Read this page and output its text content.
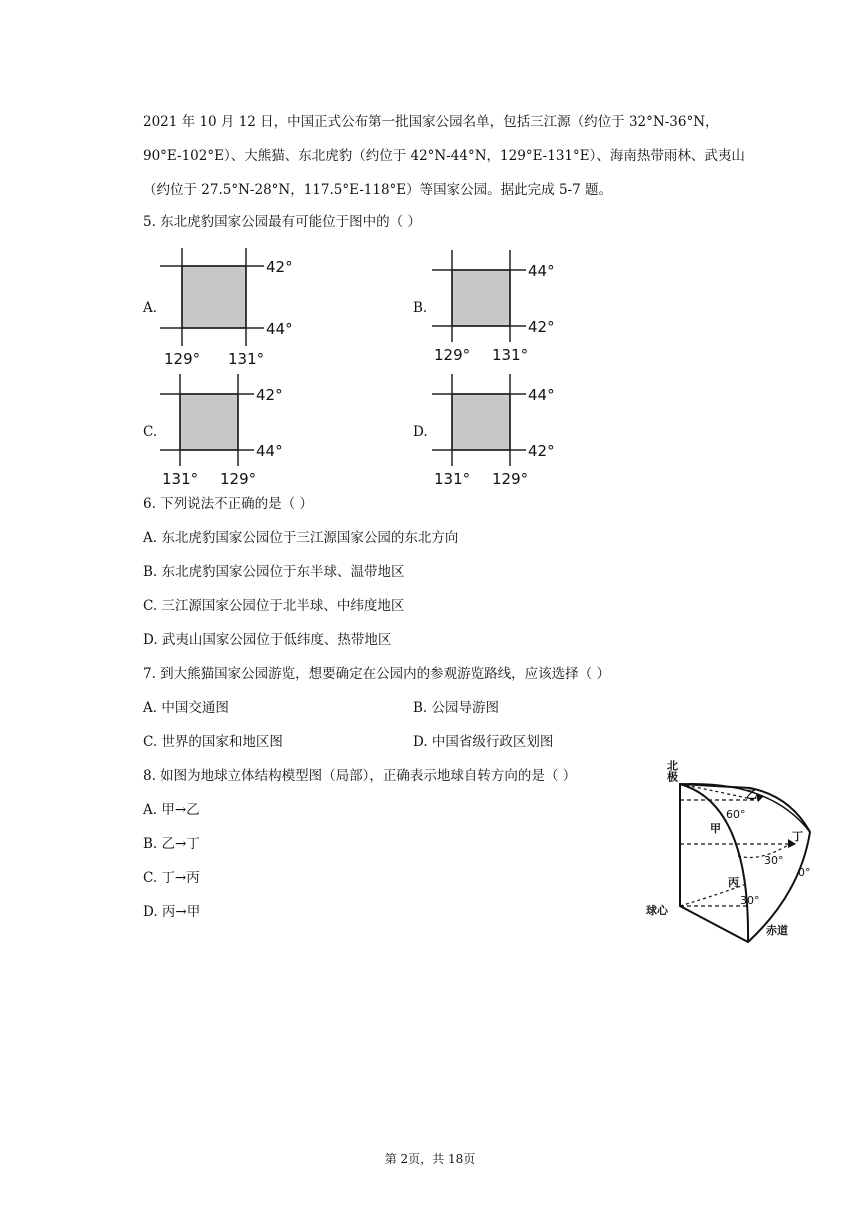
2021 年 10 月 12 日，中国正式公布第一批国家公园名单，包括三江源（约位于 32°N-36°N，
90°E-102°E）、大熊猫、东北虎豹（约位于 42°N-44°N，129°E-131°E）、海南热带雨林、武夷山
（约位于 27.5°N-28°N，117.5°E-118°E）等国家公园。据此完成 5-7 题。
5. 东北虎豹国家公园最有可能位于图中的（ ）
A.
42°
44°
129° 131°
B.
44°
42°
129° 131°
C.
42°
44°
131° 129°
D.
44°
42°
131° 129°
6. 下列说法不正确的是（ ）
A. 东北虎豹国家公园位于三江源国家公园的东北方向
B. 东北虎豹国家公园位于东半球、温带地区
C. 三江源国家公园位于北半球、中纬度地区
D. 武夷山国家公园位于低纬度、热带地区
7. 到大熊猫国家公园游览，想要确定在公园内的参观游览路线，应该选择（ ）
A. 中国交通图	B. 公园导游图
C. 世界的国家和地区图	D. 中国省级行政区划图
8. 如图为地球立体结构模型图（局部），正确表示地球自转方向的是（ ）
A. 甲→乙
B. 乙→丁
C. 丁→丙
D. 丙→甲
北极
球心
赤道
甲
乙
丙
丁
60°
30°
30°
0°
第 2页，共 18页
